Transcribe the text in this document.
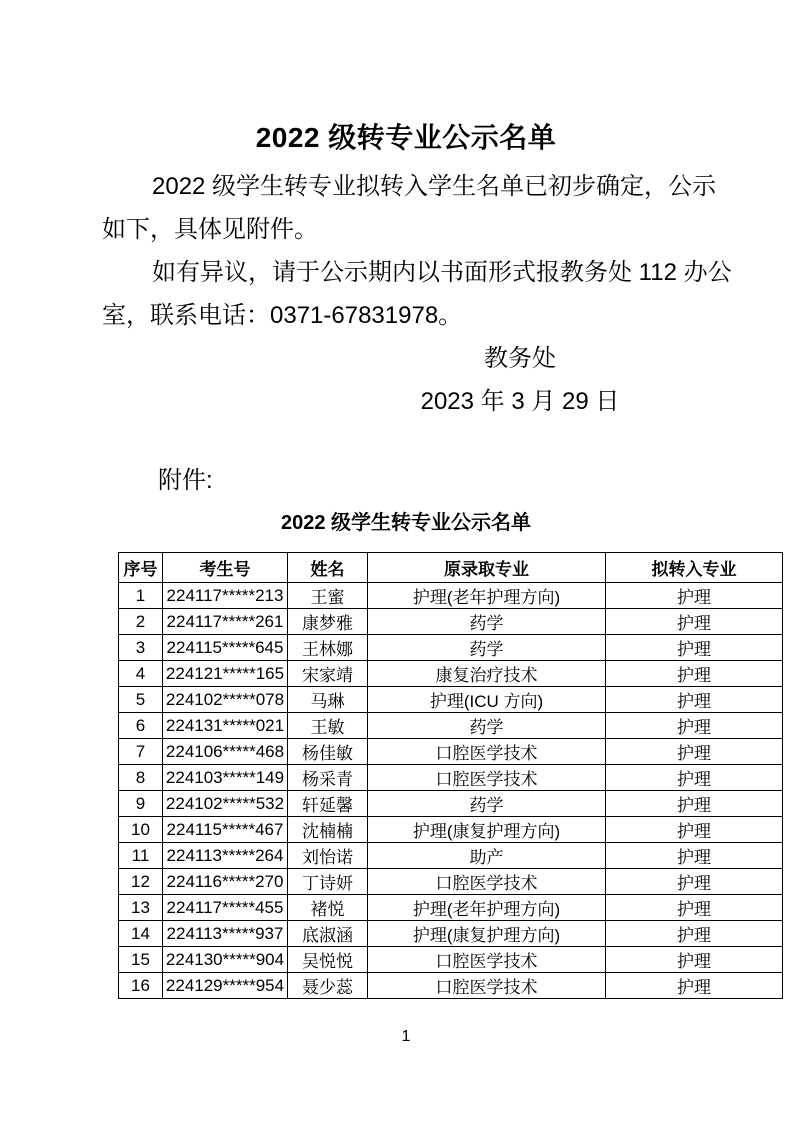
2022 级转专业公示名单
2022 级学生转专业拟转入学生名单已初步确定，公示
如下，具体见附件。
如有异议，请于公示期内以书面形式报教务处 112 办公
室，联系电话：0371-67831978。
教务处
2023 年 3 月 29 日
附件:
2022 级学生转专业公示名单
序号	考生号	姓名	原录取专业	拟转入专业
1	224117*****213	王蜜	护理(老年护理方向)	护理
2	224117*****261	康梦雅	药学	护理
3	224115*****645	王林娜	药学	护理
4	224121*****165	宋家靖	康复治疗技术	护理
5	224102*****078	马琳	护理(ICU 方向)	护理
6	224131*****021	王敏	药学	护理
7	224106*****468	杨佳敏	口腔医学技术	护理
8	224103*****149	杨采青	口腔医学技术	护理
9	224102*****532	轩延馨	药学	护理
10	224115*****467	沈楠楠	护理(康复护理方向)	护理
11	224113*****264	刘怡诺	助产	护理
12	224116*****270	丁诗妍	口腔医学技术	护理
13	224117*****455	褚悦	护理(老年护理方向)	护理
14	224113*****937	底淑涵	护理(康复护理方向)	护理
15	224130*****904	吴悦悦	口腔医学技术	护理
16	224129*****954	聂少蕊	口腔医学技术	护理
1
